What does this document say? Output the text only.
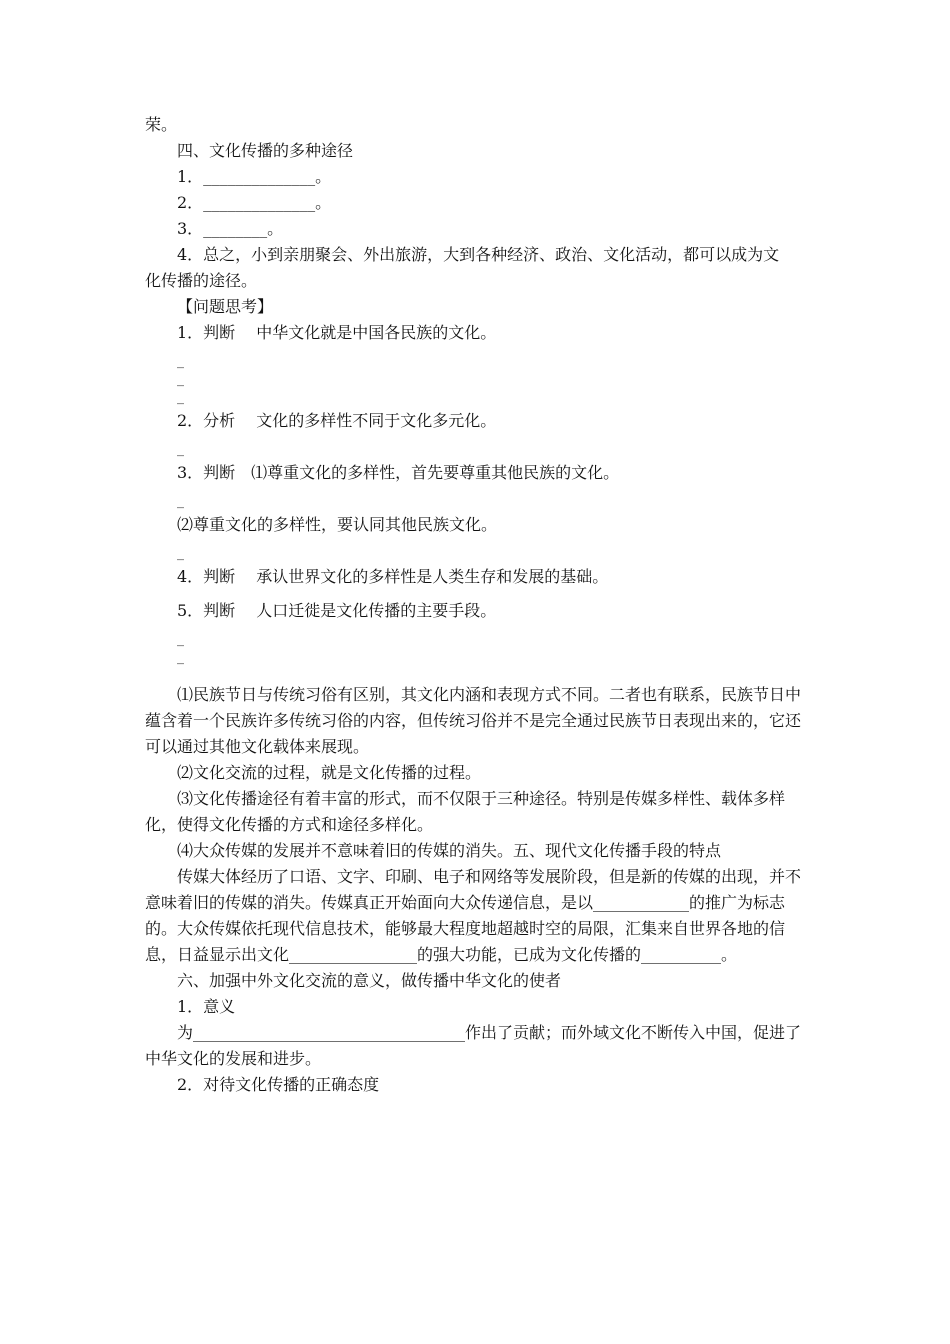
荣。

四、文化传播的多种途径

1．______________。

2．______________。

3．________。

4．总之，小到亲朋聚会、外出旅游，大到各种经济、政治、文化活动，都可以成为文

化传播的途径。

【问题思考】

1．判断　 中华文化就是中国各民族的文化。

_
_
_

2．分析　 文化的多样性不同于文化多元化。

_

3．判断　⑴尊重文化的多样性，首先要尊重其他民族的文化。

_

⑵尊重文化的多样性，要认同其他民族文化。

_

4．判断　 承认世界文化的多样性是人类生存和发展的基础。

5．判断　 人口迁徙是文化传播的主要手段。

_
_

⑴民族节日与传统习俗有区别，其文化内涵和表现方式不同。二者也有联系，民族节日中蕴含着一个民族许多传统习俗的内容，但传统习俗并不是完全通过民族节日表现出来的，它还可以通过其他文化载体来展现。

⑵文化交流的过程，就是文化传播的过程。

⑶文化传播途径有着丰富的形式，而不仅限于三种途径。特别是传媒多样性、载体多样化，使得文化传播的方式和途径多样化。

⑷大众传媒的发展并不意味着旧的传媒的消失。五、现代文化传播手段的特点

传媒大体经历了口语、文字、印刷、电子和网络等发展阶段，但是新的传媒的出现，并不意味着旧的传媒的消失。传媒真正开始面向大众传递信息，是以____________的推广为标志的。大众传媒依托现代信息技术，能够最大程度地超越时空的局限，汇集来自世界各地的信息，日益显示出文化________________的强大功能，已成为文化传播的__________。

六、加强中外文化交流的意义，做传播中华文化的使者

1．意义

为__________________________________作出了贡献；而外域文化不断传入中国，促进了中华文化的发展和进步。

2．对待文化传播的正确态度
